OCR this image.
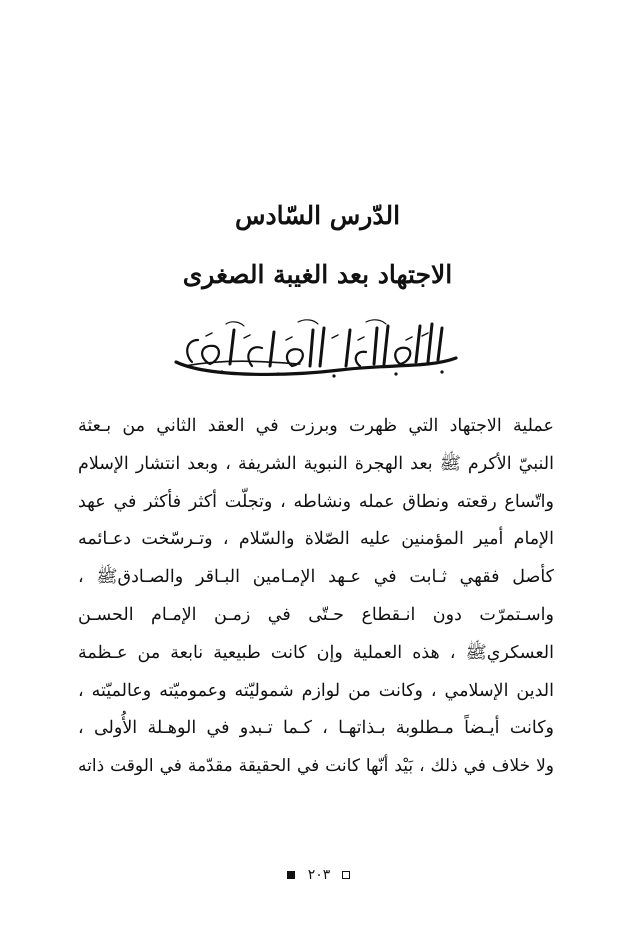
الدّرس السّادس
الاجتهاد بعد الغيبة الصغرى
عملية الاجتهاد التي ظهرت وبرزت في العقد الثاني من بـعثة
النبيّ الأكرم ﷺ بعد الهجرة النبوية الشريفة ، وبعد انتشار الإسلام
واتّساع رقعته ونطاق عمله ونشاطه ، وتجلّت أكثر فأكثر في عهد
الإمام أمير المؤمنين عليه الصّلاة والسّلام ، وتـرسّخت دعـائمه
كأصل فقهي ثـابت في عـهد الإمـامين البـاقر والصـادقﷺ ،
واسـتمرّت دون انـقطاع حـتّى في زمـن الإمـام الحسـن
العسكريﷺ ، هذه العملية وإن كانت طبيعية نابعة من عـظمة
الدين الإسلامي ، وكانت من لوازم شموليّته وعموميّته وعالميّته ،
وكانت أيـضاً مـطلوبة بـذاتهـا ، كـما تـبدو في الوهـلة الأُولى ،
ولا خلاف في ذلك ، بَيْد أنّها كانت في الحقيقة مقدّمة في الوقت ذاته
٢٠٣
